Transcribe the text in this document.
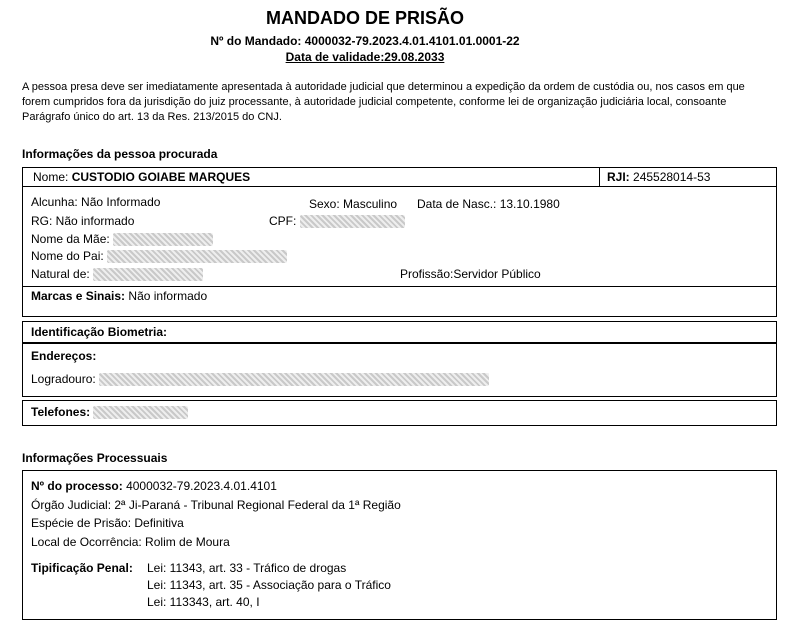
MANDADO DE PRISÃO
Nº do Mandado: 4000032-79.2023.4.01.4101.01.0001-22
Data de validade:29.08.2033
A pessoa presa deve ser imediatamente apresentada à autoridade judicial que determinou a expedição da ordem de custódia ou, nos casos em que forem cumpridos fora da jurisdição do juiz processante, à autoridade judicial competente, conforme lei de organização judiciária local, consoante Parágrafo único do art. 13 da Res. 213/2015 do CNJ.
Informações da pessoa procurada
Nome: CUSTODIO GOIABE MARQUES	RJI: 245528014-53
Alcunha: Não Informado	Sexo: Masculino Data de Nasc.: 13.10.1980
RG: Não informado	CPF:
Nome da Mãe:
Nome do Pai:
Natural de:	Profissão:Servidor Público
Marcas e Sinais: Não informado
Identificação Biometria:
Endereços:
Logradouro:
Telefones:
Informações Processuais
Nº do processo: 4000032-79.2023.4.01.4101
Órgão Judicial: 2ª Ji-Paraná - Tribunal Regional Federal da 1ª Região
Espécie de Prisão: Definitiva
Local de Ocorrência: Rolim de Moura
Tipificação Penal: Lei: 11343, art. 33 - Tráfico de drogas
Lei: 11343, art. 35 - Associação para o Tráfico
Lei: 113343, art. 40, I
